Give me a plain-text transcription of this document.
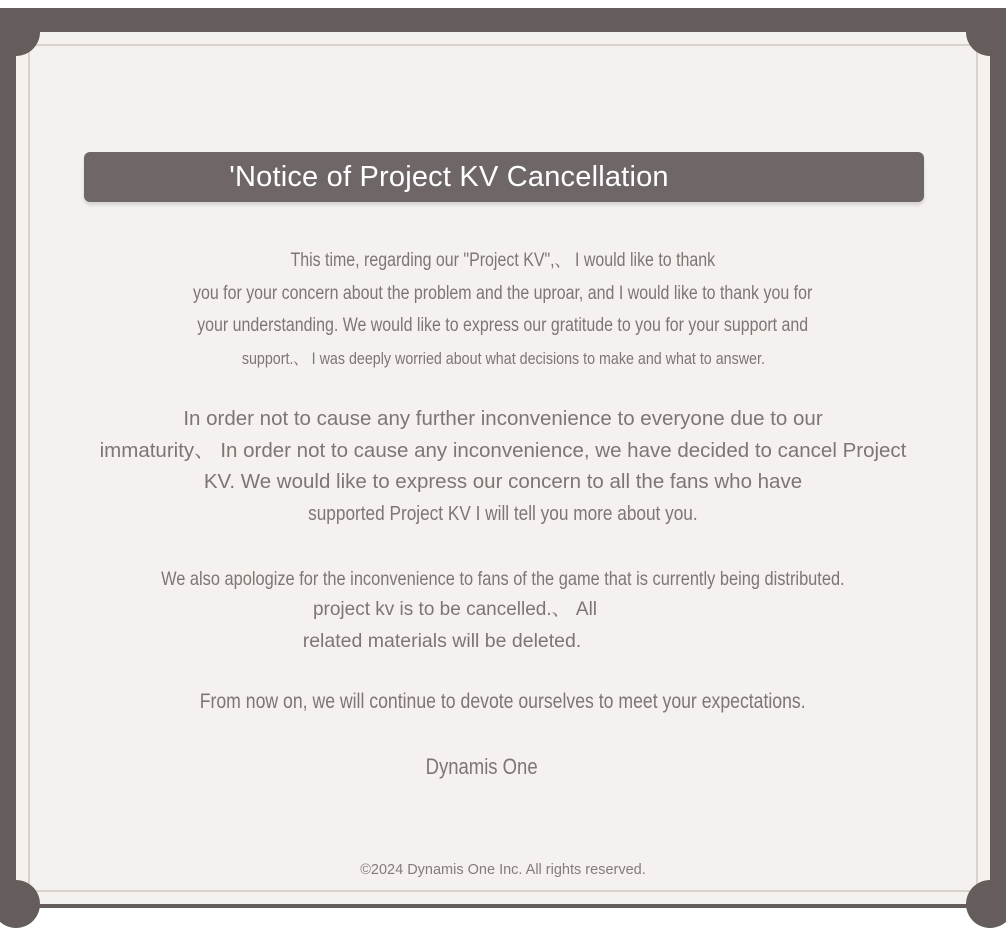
'Notice of Project KV Cancellation
This time, regarding our "Project KV",、 I would like to thank
you for your concern about the problem and the uproar, and I would like to thank you for
your understanding. We would like to express our gratitude to you for your support and
support.、 I was deeply worried about what decisions to make and what to answer.
In order not to cause any further inconvenience to everyone due to our
immaturity、 In order not to cause any inconvenience, we have decided to cancel Project
KV. We would like to express our concern to all the fans who have
supported Project KV I will tell you more about you.
We also apologize for the inconvenience to fans of the game that is currently being distributed.
project kv is to be cancelled.、 All
related materials will be deleted.
From now on, we will continue to devote ourselves to meet your expectations.
Dynamis One
©2024 Dynamis One Inc. All rights reserved.
